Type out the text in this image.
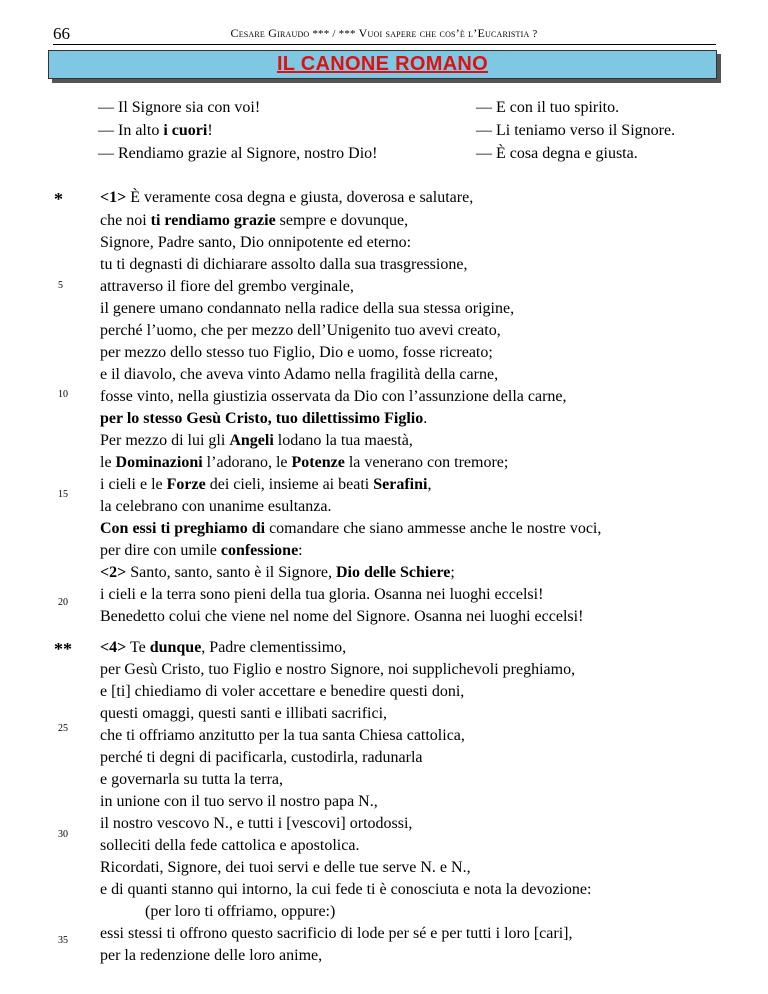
66	Cesare Giraudo *** / *** Vuoi sapere che cos’è l’Eucaristia ?
IL CANONE ROMANO
— Il Signore sia con voi!
— In alto i cuori!
— Rendiamo grazie al Signore, nostro Dio!
— E con il tuo spirito.
— Li teniamo verso il Signore.
— È cosa degna e giusta.
*
**
5
10
15
20
25
30
35
<1> È veramente cosa degna e giusta, doverosa e salutare,
che noi ti rendiamo grazie sempre e dovunque,
Signore, Padre santo, Dio onnipotente ed eterno:
tu ti degnasti di dichiarare assolto dalla sua trasgressione,
attraverso il fiore del grembo verginale,
il genere umano condannato nella radice della sua stessa origine,
perché l’uomo, che per mezzo dell’Unigenito tuo avevi creato,
per mezzo dello stesso tuo Figlio, Dio e uomo, fosse ricreato;
e il diavolo, che aveva vinto Adamo nella fragilità della carne,
fosse vinto, nella giustizia osservata da Dio con l’assunzione della carne,
per lo stesso Gesù Cristo, tuo dilettissimo Figlio.
Per mezzo di lui gli Angeli lodano la tua maestà,
le Dominazioni l’adorano, le Potenze la venerano con tremore;
i cieli e le Forze dei cieli, insieme ai beati Serafini,
la celebrano con unanime esultanza.
Con essi ti preghiamo di comandare che siano ammesse anche le nostre voci,
per dire con umile confessione:
<2> Santo, santo, santo è il Signore, Dio delle Schiere;
i cieli e la terra sono pieni della tua gloria. Osanna nei luoghi eccelsi!
Benedetto colui che viene nel nome del Signore. Osanna nei luoghi eccelsi!
<4> Te dunque, Padre clementissimo,
per Gesù Cristo, tuo Figlio e nostro Signore, noi supplichevoli preghiamo,
e [ti] chiediamo di voler accettare e benedire questi doni,
questi omaggi, questi santi e illibati sacrifici,
che ti offriamo anzitutto per la tua santa Chiesa cattolica,
perché ti degni di pacificarla, custodirla, radunarla
e governarla su tutta la terra,
in unione con il tuo servo il nostro papa N.,
il nostro vescovo N., e tutti i [vescovi] ortodossi,
solleciti della fede cattolica e apostolica.
Ricordati, Signore, dei tuoi servi e delle tue serve N. e N.,
e di quanti stanno qui intorno, la cui fede ti è conosciuta e nota la devozione:
(per loro ti offriamo, oppure:)
essi stessi ti offrono questo sacrificio di lode per sé e per tutti i loro [cari],
per la redenzione delle loro anime,
